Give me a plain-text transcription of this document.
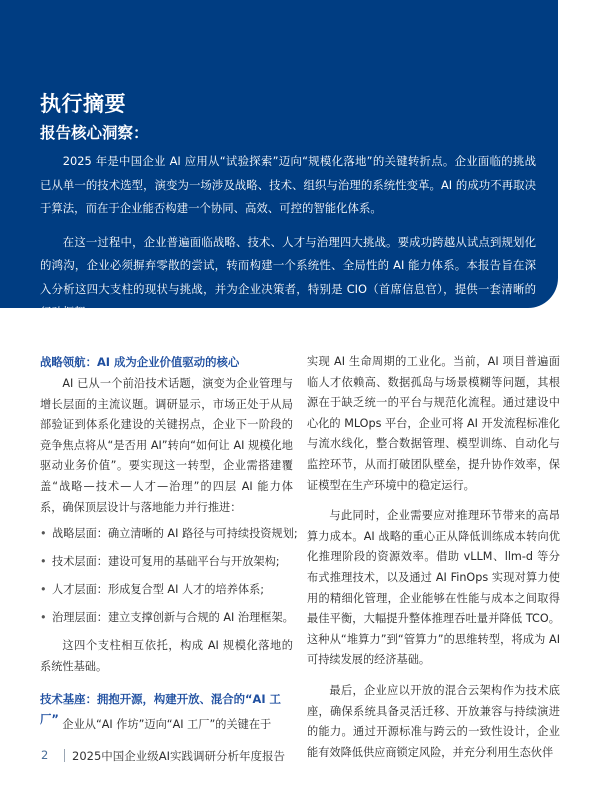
执行摘要
报告核心洞察：

2025 年是中国企业 AI 应用从“试验探索”迈向“规模化落地”的关键转折点。企业面临的挑战已从单一的技术选型，演变为一场涉及战略、技术、组织与治理的系统性变革。AI 的成功不再取决于算法，而在于企业能否构建一个协同、高效、可控的智能化体系。

在这一过程中，企业普遍面临战略、技术、人才与治理四大挑战。要成功跨越从试点到规划化的鸿沟，企业必须摒弃零散的尝试，转而构建一个系统性、全局性的 AI 能力体系。本报告旨在深入分析这四大支柱的现状与挑战，并为企业决策者，特别是 CIO（首席信息官），提供一套清晰的行动框架。

战略领航：AI 成为企业价值驱动的核心

AI 已从一个前沿技术话题，演变为企业管理与增长层面的主流议题。调研显示，市场正处于从局部验证到体系化建设的关键拐点，企业下一阶段的竞争焦点将从“是否用 AI”转向“如何让 AI 规模化地驱动业务价值”。要实现这一转型，企业需搭建覆盖“战略—技术—人才—治理”的四层 AI 能力体系，确保顶层设计与落地能力并行推进：

• 战略层面：确立清晰的 AI 路径与可持续投资规划;
• 技术层面：建设可复用的基础平台与开放架构;
• 人才层面：形成复合型 AI 人才的培养体系;
• 治理层面：建立支撑创新与合规的 AI 治理框架。

这四个支柱相互依托，构成 AI 规模化落地的系统性基础。

技术基座：拥抱开源，构建开放、混合的“AI 工厂” 企业从“AI 作坊”迈向“AI 工厂”的关键在于

实现 AI 生命周期的工业化。当前，AI 项目普遍面临人才依赖高、数据孤岛与场景模糊等问题，其根源在于缺乏统一的平台与规范化流程。通过建设中心化的 MLOps 平台，企业可将 AI 开发流程标准化与流水线化，整合数据管理、模型训练、自动化与监控环节，从而打破团队壁垒，提升协作效率，保证模型在生产环境中的稳定运行。

与此同时，企业需要应对推理环节带来的高昂算力成本。AI 战略的重心正从降低训练成本转向优化推理阶段的资源效率。借助 vLLM、llm-d 等分布式推理技术，以及通过 AI FinOps 实现对算力使用的精细化管理，企业能够在性能与成本之间取得最佳平衡，大幅提升整体推理吞吐量并降低 TCO。这种从“堆算力”到“管算力”的思维转型，将成为 AI 可持续发展的经济基础。

最后，企业应以开放的混合云架构作为技术底座，确保系统具备灵活迁移、开放兼容与持续演进的能力。通过开源标准与跨云的一致性设计，企业能有效降低供应商锁定风险，并充分利用生态伙伴

2 2025中国企业级AI实践调研分析年度报告
